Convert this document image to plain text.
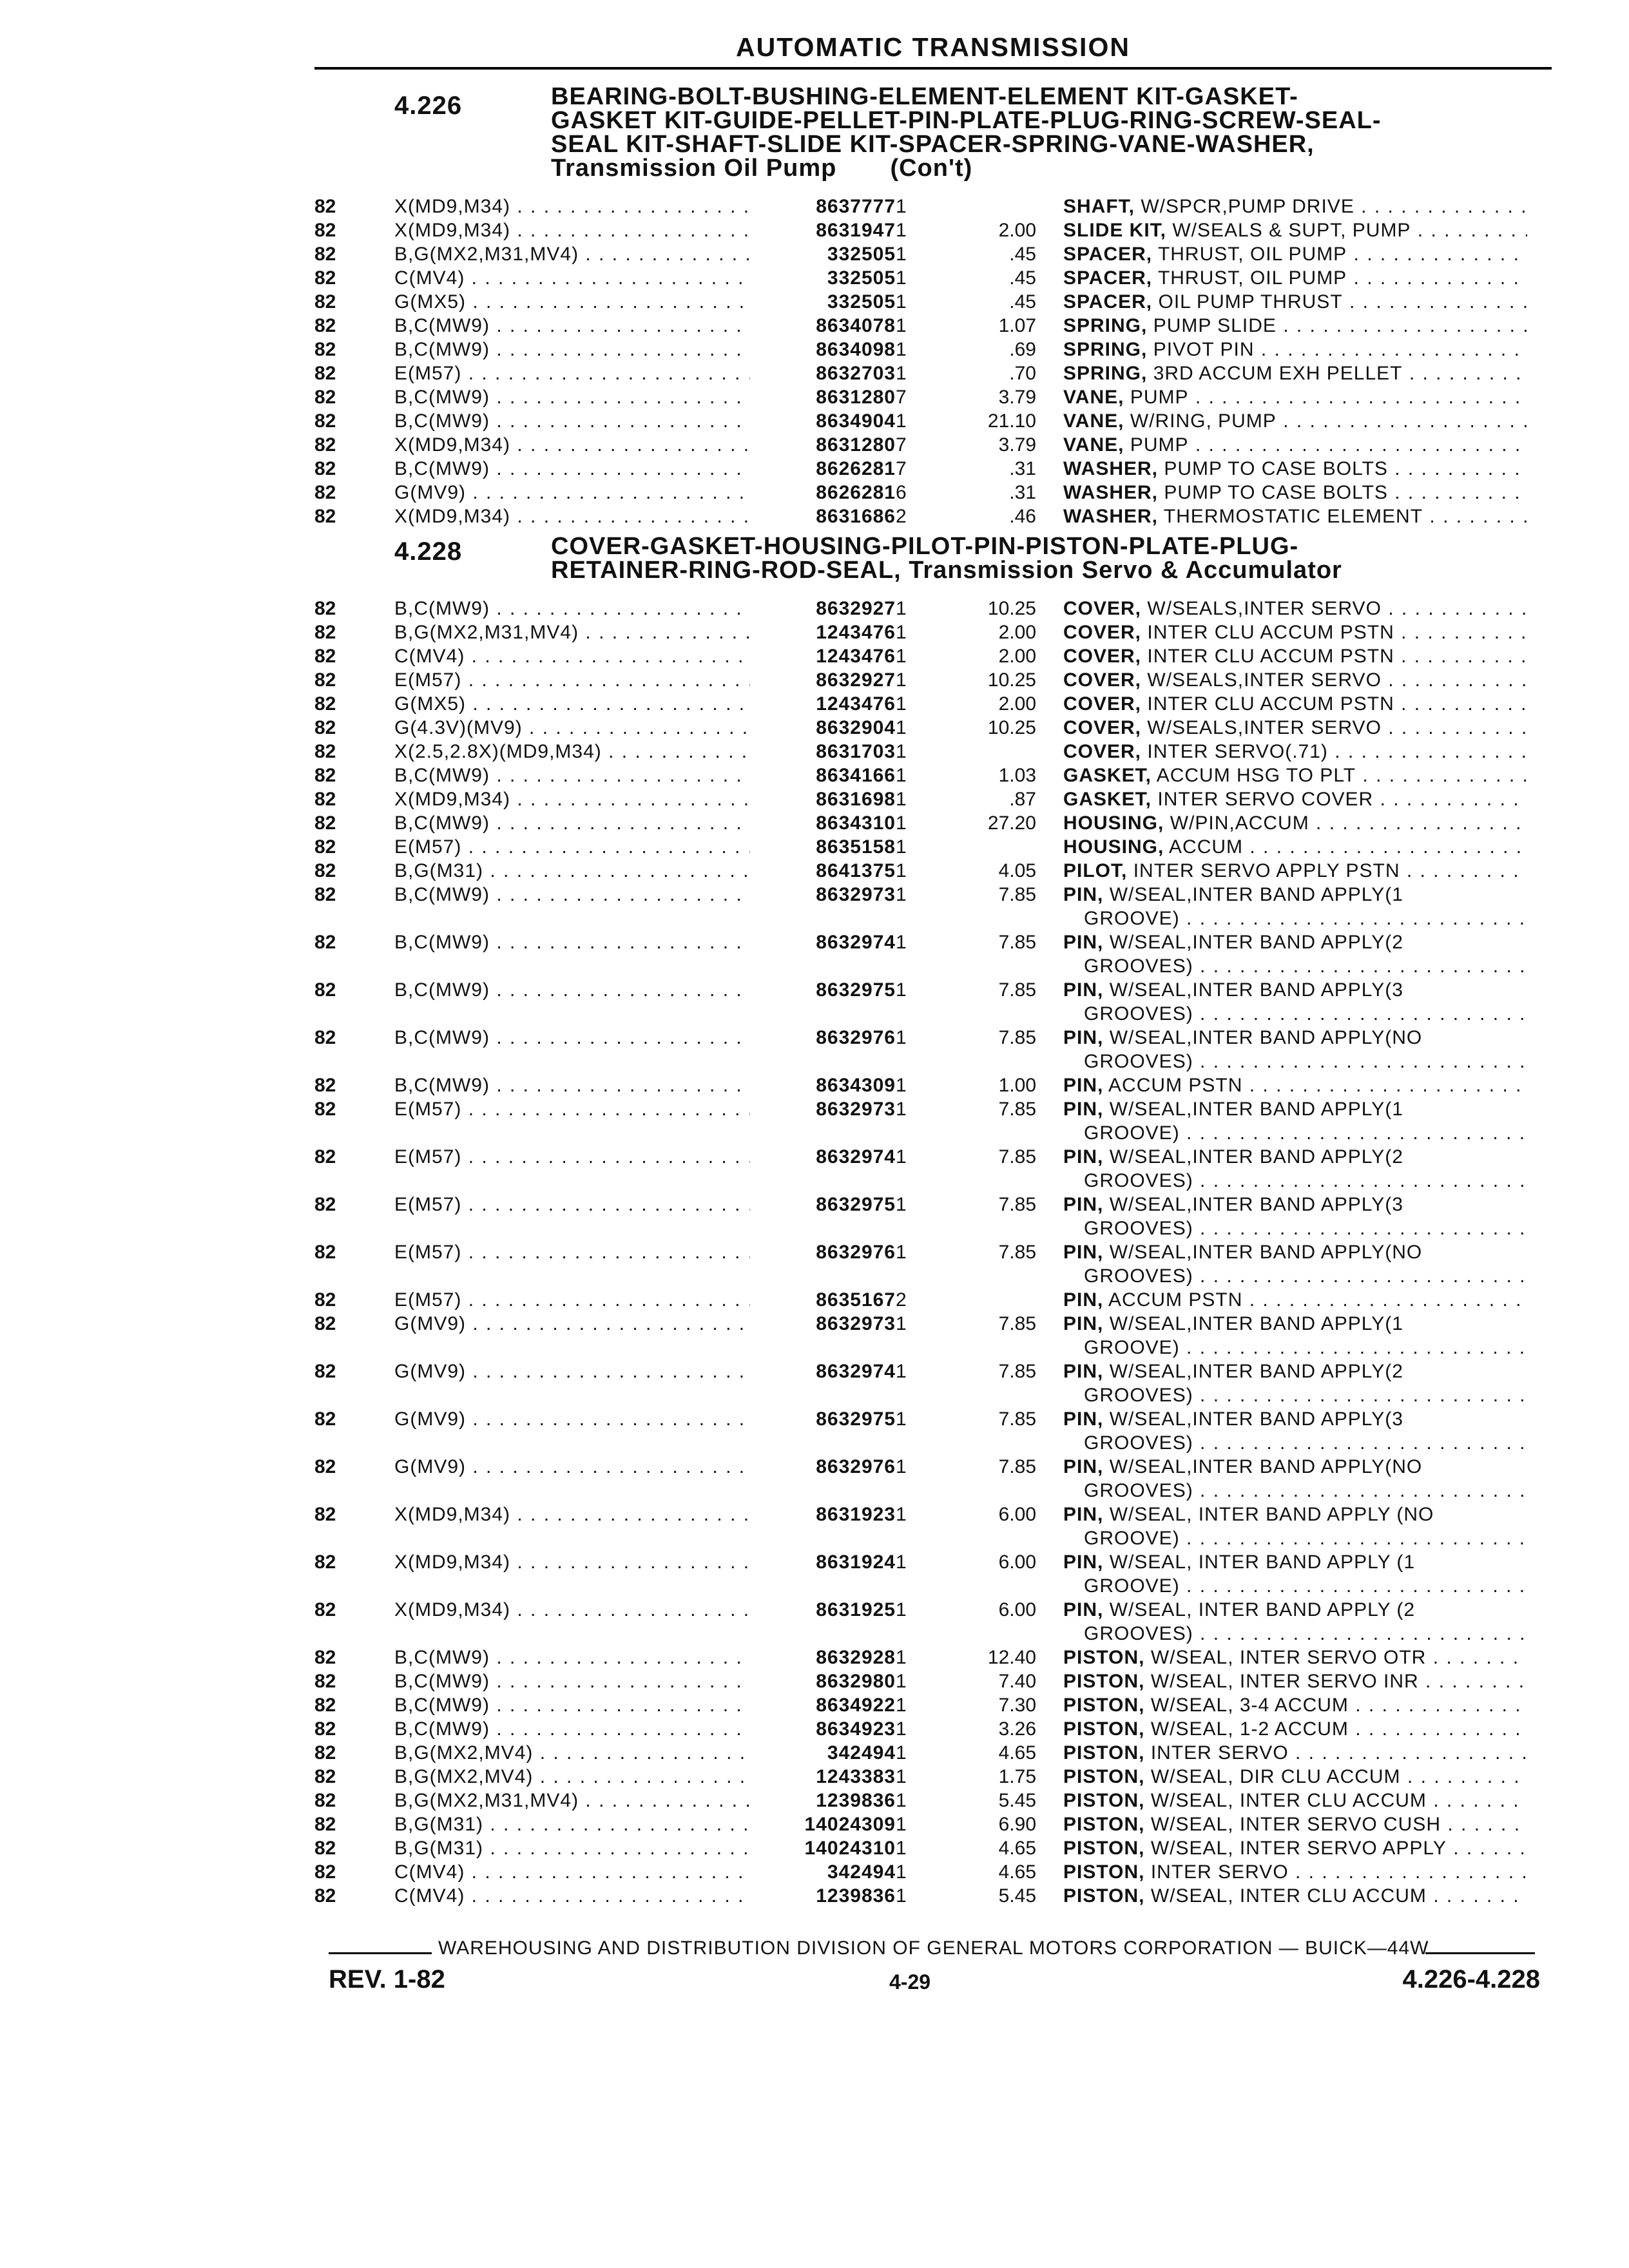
AUTOMATIC TRANSMISSION
4.226	BEARING-BOLT-BUSHING-ELEMENT-ELEMENT KIT-GASKET-
GASKET KIT-GUIDE-PELLET-PIN-PLATE-PLUG-RING-SCREW-SEAL-
SEAL KIT-SHAFT-SLIDE KIT-SPACER-SPRING-VANE-WASHER,
Transmission Oil Pump (Con't)
82	X(MD9,M34) . . .	8637777 1	SHAFT, W/SPCR,PUMP DRIVE . . .
82	X(MD9,M34) . . .	8631947 1	2.00 SLIDE KIT, W/SEALS & SUPT, PUMP . . .
82	B,G(MX2,M31,MV4) . . .	332505 1	.45 SPACER, THRUST, OIL PUMP . . .
82	C(MV4) . . .	332505 1	.45 SPACER, THRUST, OIL PUMP . . .
82	G(MX5) . . .	332505 1	.45 SPACER, OIL PUMP THRUST . . .
82	B,C(MW9) . . .	8634078 1	1.07 SPRING, PUMP SLIDE . . .
82	B,C(MW9) . . .	8634098 1	.69 SPRING, PIVOT PIN . . .
82	E(M57) . . .	8632703 1	.70 SPRING, 3RD ACCUM EXH PELLET . . .
82	B,C(MW9) . . .	8631280 7	3.79 VANE, PUMP . . .
82	B,C(MW9) . . .	8634904 1	21.10 VANE, W/RING, PUMP . . .
82	X(MD9,M34) . . .	8631280 7	3.79 VANE, PUMP . . .
82	B,C(MW9) . . .	8626281 7	.31 WASHER, PUMP TO CASE BOLTS . . .
82	G(MV9) . . .	8626281 6	.31 WASHER, PUMP TO CASE BOLTS . . .
82	X(MD9,M34) . . .	8631686 2	.46 WASHER, THERMOSTATIC ELEMENT . . .
4.228	COVER-GASKET-HOUSING-PILOT-PIN-PISTON-PLATE-PLUG-
RETAINER-RING-ROD-SEAL, Transmission Servo & Accumulator
82	B,C(MW9) . . .	8632927 1	10.25 COVER, W/SEALS,INTER SERVO . . .
82	B,G(MX2,M31,MV4) . . .	1243476 1	2.00 COVER, INTER CLU ACCUM PSTN . . .
82	C(MV4) . . .	1243476 1	2.00 COVER, INTER CLU ACCUM PSTN . . .
82	E(M57) . . .	8632927 1	10.25 COVER, W/SEALS,INTER SERVO . . .
82	G(MX5) . . .	1243476 1	2.00 COVER, INTER CLU ACCUM PSTN . . .
82	G(4.3V)(MV9) . . .	8632904 1	10.25 COVER, W/SEALS,INTER SERVO . . .
82	X(2.5,2.8X)(MD9,M34) . . .	8631703 1	COVER, INTER SERVO(.71) . . .
82	B,C(MW9) . . .	8634166 1	1.03 GASKET, ACCUM HSG TO PLT . . .
82	X(MD9,M34) . . .	8631698 1	.87 GASKET, INTER SERVO COVER . . .
82	B,C(MW9) . . .	8634310 1	27.20 HOUSING, W/PIN,ACCUM . . .
82	E(M57) . . .	8635158 1	HOUSING, ACCUM . . .
82	B,G(M31) . . .	8641375 1	4.05 PILOT, INTER SERVO APPLY PSTN . . .
82	B,C(MW9) . . .	8632973 1	7.85 PIN, W/SEAL,INTER BAND APPLY(1
GROOVE) . . .
82	B,C(MW9) . . .	8632974 1	7.85 PIN, W/SEAL,INTER BAND APPLY(2
GROOVES) . . .
82	B,C(MW9) . . .	8632975 1	7.85 PIN, W/SEAL,INTER BAND APPLY(3
GROOVES) . . .
82	B,C(MW9) . . .	8632976 1	7.85 PIN, W/SEAL,INTER BAND APPLY(NO
GROOVES) . . .
82	B,C(MW9) . . .	8634309 1	1.00 PIN, ACCUM PSTN . . .
82	E(M57) . . .	8632973 1	7.85 PIN, W/SEAL,INTER BAND APPLY(1
GROOVE) . . .
82	E(M57) . . .	8632974 1	7.85 PIN, W/SEAL,INTER BAND APPLY(2
GROOVES) . . .
82	E(M57) . . .	8632975 1	7.85 PIN, W/SEAL,INTER BAND APPLY(3
GROOVES) . . .
82	E(M57) . . .	8632976 1	7.85 PIN, W/SEAL,INTER BAND APPLY(NO
GROOVES) . . .
82	E(M57) . . .	8635167 2	PIN, ACCUM PSTN . . .
82	G(MV9) . . .	8632973 1	7.85 PIN, W/SEAL,INTER BAND APPLY(1
GROOVE) . . .
82	G(MV9) . . .	8632974 1	7.85 PIN, W/SEAL,INTER BAND APPLY(2
GROOVES) . . .
82	G(MV9) . . .	8632975 1	7.85 PIN, W/SEAL,INTER BAND APPLY(3
GROOVES) . . .
82	G(MV9) . . .	8632976 1	7.85 PIN, W/SEAL,INTER BAND APPLY(NO
GROOVES) . . .
82	X(MD9,M34) . . .	8631923 1	6.00 PIN, W/SEAL, INTER BAND APPLY (NO
GROOVE) . . .
82	X(MD9,M34) . . .	8631924 1	6.00 PIN, W/SEAL, INTER BAND APPLY (1
GROOVE) . . .
82	X(MD9,M34) . . .	8631925 1	6.00 PIN, W/SEAL, INTER BAND APPLY (2
GROOVES) . . .
82	B,C(MW9) . . .	8632928 1	12.40 PISTON, W/SEAL, INTER SERVO OTR . . .
82	B,C(MW9) . . .	8632980 1	7.40 PISTON, W/SEAL, INTER SERVO INR . . .
82	B,C(MW9) . . .	8634922 1	7.30 PISTON, W/SEAL, 3-4 ACCUM . . .
82	B,C(MW9) . . .	8634923 1	3.26 PISTON, W/SEAL, 1-2 ACCUM . . .
82	B,G(MX2,MV4) . . .	342494 1	4.65 PISTON, INTER SERVO . . .
82	B,G(MX2,MV4) . . .	1243383 1	1.75 PISTON, W/SEAL, DIR CLU ACCUM . . .
82	B,G(MX2,M31,MV4) . . .	1239836 1	5.45 PISTON, W/SEAL, INTER CLU ACCUM . . .
82	B,G(M31) . . .	14024309 1	6.90 PISTON, W/SEAL, INTER SERVO CUSH . . .
82	B,G(M31) . . .	14024310 1	4.65 PISTON, W/SEAL, INTER SERVO APPLY . . .
82	C(MV4) . . .	342494 1	4.65 PISTON, INTER SERVO . . .
82	C(MV4) . . .	1239836 1	5.45 PISTON, W/SEAL, INTER CLU ACCUM . . .
WAREHOUSING AND DISTRIBUTION DIVISION OF GENERAL MOTORS CORPORATION — BUICK—44W
REV. 1-82	4-29	4.226-4.228
